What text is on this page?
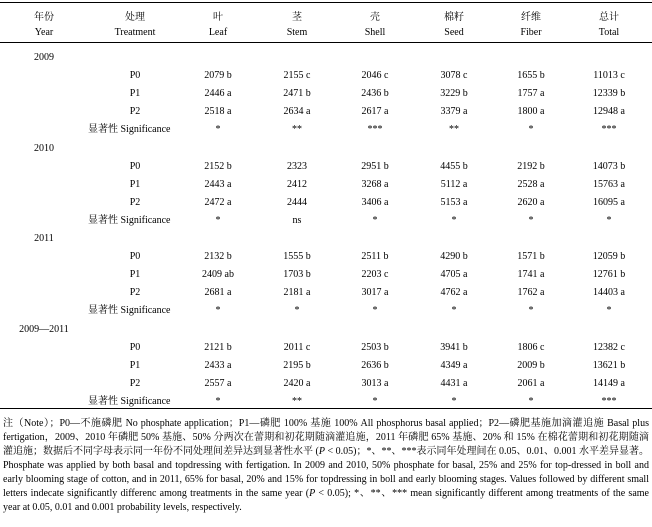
年份	处理	叶	茎	壳	棉籽	纤维	总计
Year	Treatment	Leaf	Stem	Shell	Seed	Fiber	Total
2009
P0	2079 b	2155 c	2046 c	3078 c	1655 b	11013 c
P1	2446 a	2471 b	2436 b	3229 b	1757 a	12339 b
P2	2518 a	2634 a	2617 a	3379 a	1800 a	12948 a
显著性 Significance	*	**	***	**	*	***
2010
P0	2152 b	2323	2951 b	4455 b	2192 b	14073 b
P1	2443 a	2412	3268 a	5112 a	2528 a	15763 a
P2	2472 a	2444	3406 a	5153 a	2620 a	16095 a
显著性 Significance	*	ns	*	*	*	*
2011
P0	2132 b	1555 b	2511 b	4290 b	1571 b	12059 b
P1	2409 ab	1703 b	2203 c	4705 a	1741 a	12761 b
P2	2681 a	2181 a	3017 a	4762 a	1762 a	14403 a
显著性 Significance	*	*	*	*	*	*
2009—2011
P0	2121 b	2011 c	2503 b	3941 b	1806 c	12382 c
P1	2433 a	2195 b	2636 b	4349 a	2009 b	13621 b
P2	2557 a	2420 a	3013 a	4431 a	2061 a	14149 a
显著性 Significance	*	**	*	*	*	***

注（Note）；P0—不施磷肥 No phosphate application；P1—磷肥 100% 基施 100% All phosphorus basal applied；P2—磷肥基施加滴灌追施 Basal plus fertigation，2009、2010 年磷肥 50% 基施、50% 分两次在蕾期和初花期随滴灌追施，2011 年磷肥 65% 基施、20% 和 15% 在棉花蕾期和初花期随滴灌追施；数据后不同字母表示同一年份不同处理间差异达到显著性水平 (P < 0.05)；*、**、***表示同年处理间在 0.05、0.01、0.001 水平差异显著。Phosphate was applied by both basal and topdressing with fertigation. In 2009 and 2010, 50% phosphate for basal, 25% and 25% for top-dressed in boll and early blooming stage of cotton, and in 2011, 65% for basal, 20% and 15% for topdressing in boll and early blooming stages. Values followed by different small letters indecate significantly differenc among treatments in the same year (P < 0.05); *、**、*** mean significantly different among treatments of the same year at 0.05, 0.01 and 0.001 probability levels, respectively.
